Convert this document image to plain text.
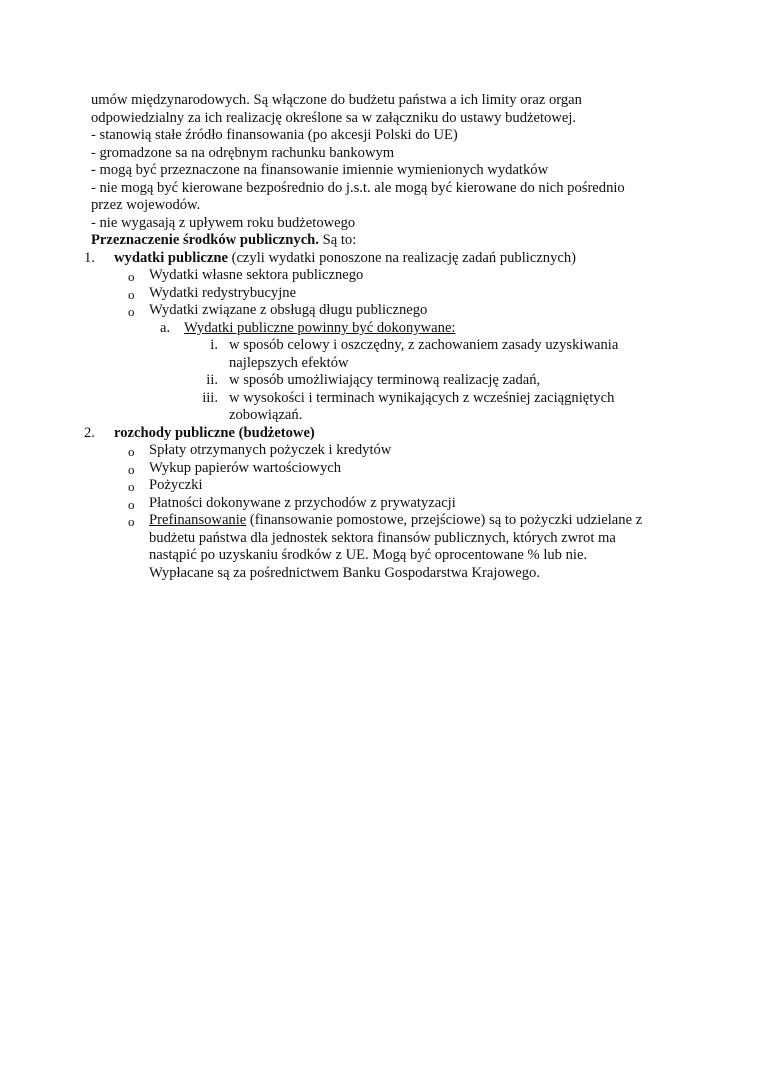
umów międzynarodowych. Są włączone do budżetu państwa a ich limity oraz organ
odpowiedzialny za ich realizację określone sa w załączniku do ustawy budżetowej.
- stanowią stałe źródło finansowania (po akcesji Polski do UE)
- gromadzone sa na odrębnym rachunku bankowym
- mogą być przeznaczone na finansowanie imiennie wymienionych wydatków
- nie mogą być kierowane bezpośrednio do j.s.t. ale mogą być kierowane do nich pośrednio
przez wojewodów.
- nie wygasają z upływem roku budżetowego
Przeznaczenie środków publicznych. Są to:
1.	wydatki publiczne (czyli wydatki ponoszone na realizację zadań publicznych)
o Wydatki własne sektora publicznego
o Wydatki redystrybucyjne
o Wydatki związane z obsługą długu publicznego
a. Wydatki publiczne powinny być dokonywane:
i. w sposób celowy i oszczędny, z zachowaniem zasady uzyskiwania
najlepszych efektów
ii. w sposób umożliwiający terminową realizację zadań,
iii. w wysokości i terminach wynikających z wcześniej zaciągniętych
zobowiązań.
2.	rozchody publiczne (budżetowe)
o Spłaty otrzymanych pożyczek i kredytów
o Wykup papierów wartościowych
o Pożyczki
o Płatności dokonywane z przychodów z prywatyzacji
o Prefinansowanie (finansowanie pomostowe, przejściowe) są to pożyczki udzielane z
budżetu państwa dla jednostek sektora finansów publicznych, których zwrot ma
nastąpić po uzyskaniu środków z UE. Mogą być oprocentowane % lub nie.
Wypłacane są za pośrednictwem Banku Gospodarstwa Krajowego.
